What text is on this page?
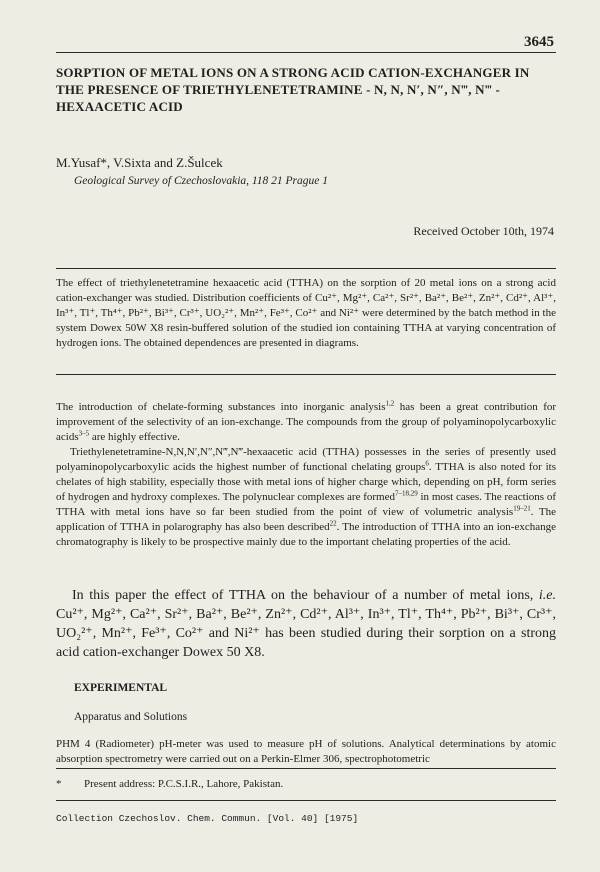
3645
SORPTION OF METAL IONS ON A STRONG ACID CATION-EXCHANGER IN THE PRESENCE OF TRIETHYLENETETRAMINE - N, N, N′, N″, N‴, N‴ - HEXAACETIC ACID
M.Yusaf*, V.Sixta and Z.Šulcek
Geological Survey of Czechoslovakia, 118 21 Prague 1
Received October 10th, 1974
The effect of triethylenetetramine hexaacetic acid (TTHA) on the sorption of 20 metal ions on a strong acid cation-exchanger was studied. Distribution coefficients of Cu²⁺, Mg²⁺, Ca²⁺, Sr²⁺, Ba²⁺, Be²⁺, Zn²⁺, Cd²⁺, Al³⁺, In³⁺, Tl⁺, Th⁴⁺, Pb²⁺, Bi³⁺, Cr³⁺, UO₂²⁺, Mn²⁺, Fe³⁺, Co²⁺ and Ni²⁺ were determined by the batch method in the system Dowex 50W X8 resin-buffered solution of the studied ion containing TTHA at varying concentration of hydrogen ions. The obtained dependences are presented in diagrams.

The introduction of chelate-forming substances into inorganic analysis$^{1,2}$ has been a great contribution for improvement of the selectivity of an ion-exchange. The compounds from the group of polyaminopolycarboxylic acids$^{3-5}$ are highly effective.

Triethylenetetramine-N,N,N′,N″,N‴,N‴-hexaacetic acid (TTHA) possesses in the series of presently used polyaminopolycarboxylic acids the highest number of functional chelating groups$^6$. TTHA is also noted for its chelates of high stability, especially those with metal ions of higher charge which, depending on pH, form series of hydrogen and hydroxy complexes. The polynuclear complexes are formed$^{7-18,29}$ in most cases. The reactions of TTHA with metal ions have so far been studied from the point of view of volumetric analysis$^{19-21}$. The application of TTHA in polarography has also been described$^{22}$. The introduction of TTHA into an ion-exchange chromatography is likely to be prospective mainly due to the important chelating properties of the acid.

In this paper the effect of TTHA on the behaviour of a number of metal ions, i.e. Cu²⁺, Mg²⁺, Ca²⁺, Sr²⁺, Ba²⁺, Be²⁺, Zn²⁺, Cd²⁺, Al³⁺, In³⁺, Tl⁺, Th⁴⁺, Pb²⁺, Bi³⁺, Cr³⁺, UO₂²⁺, Mn²⁺, Fe³⁺, Co²⁺ and Ni²⁺ has been studied during their sorption on a strong acid cation-exchanger Dowex 50 X8.

EXPERIMENTAL
Apparatus and Solutions

PHM 4 (Radiometer) pH-meter was used to measure pH of solutions. Analytical determinations by atomic absorption spectrometry were carried out on a Perkin-Elmer 306, spectrophotometric

* Present address: P.C.S.I.R., Lahore, Pakistan.
Collection Czechoslov. Chem. Commun. [Vol. 40] [1975]
